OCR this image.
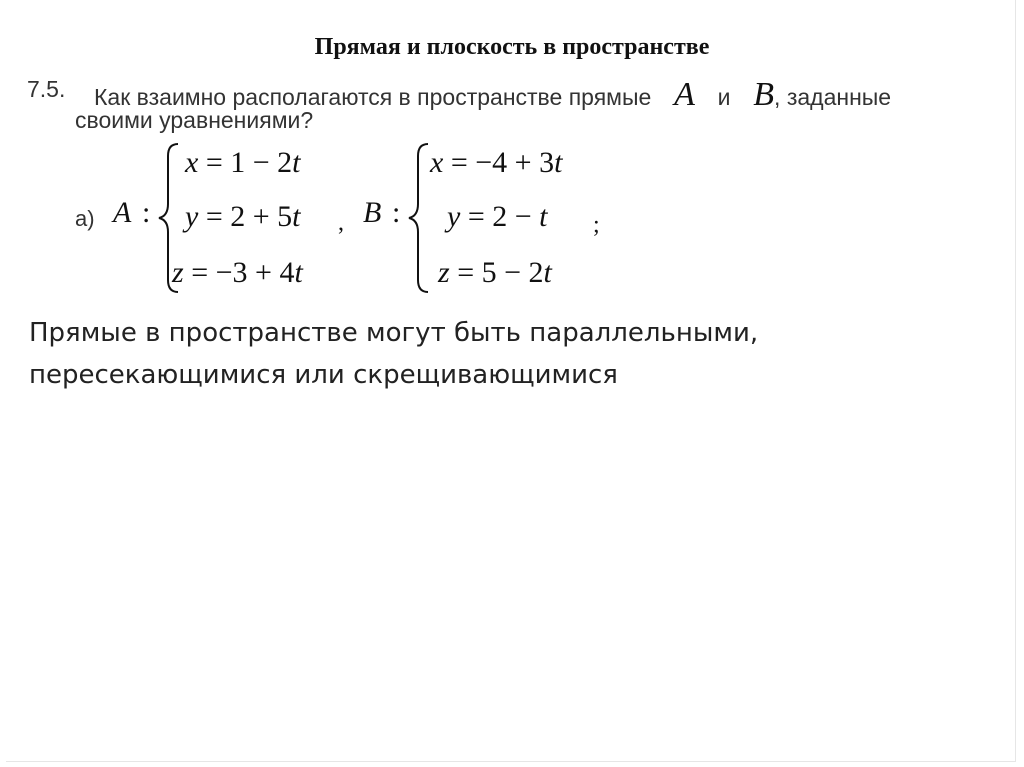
Прямая и плоскость в пространстве
7.5. Как взаимно располагаются в пространстве прямые A и B, заданные
своими уравнениями?
а) A :
x = 1 − 2t
y = 2 + 5t
z = −3 + 4t
, B :
x = −4 + 3t
y = 2 − t
z = 5 − 2t
;
Прямые в пространстве могут быть параллельными,
пересекающимися или скрещивающимися
